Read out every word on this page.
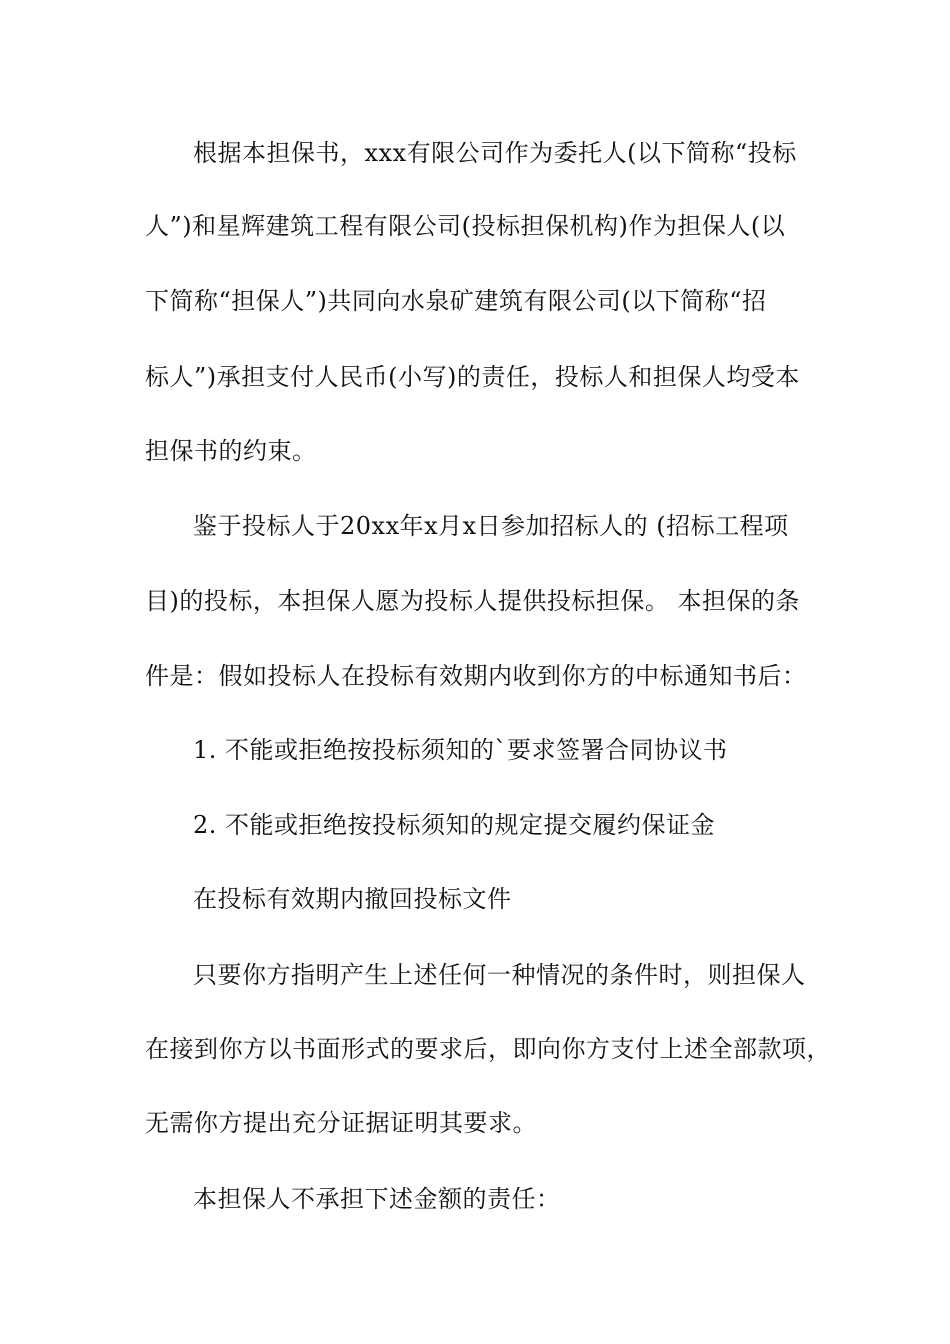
根据本担保书，xxx有限公司作为委托人(以下简称“投标
人”)和星辉建筑工程有限公司(投标担保机构)作为担保人(以
下简称“担保人”)共同向水泉矿建筑有限公司(以下简称“招
标人”)承担支付人民币(小写)的责任，投标人和担保人均受本
担保书的约束。
鉴于投标人于20xx年x月x日参加招标人的 (招标工程项
目)的投标，本担保人愿为投标人提供投标担保。 本担保的条
件是：假如投标人在投标有效期内收到你方的中标通知书后：
1. 不能或拒绝按投标须知的`要求签署合同协议书
2. 不能或拒绝按投标须知的规定提交履约保证金
在投标有效期内撤回投标文件
只要你方指明产生上述任何一种情况的条件时，则担保人
在接到你方以书面形式的要求后，即向你方支付上述全部款项，
无需你方提出充分证据证明其要求。
本担保人不承担下述金额的责任：
